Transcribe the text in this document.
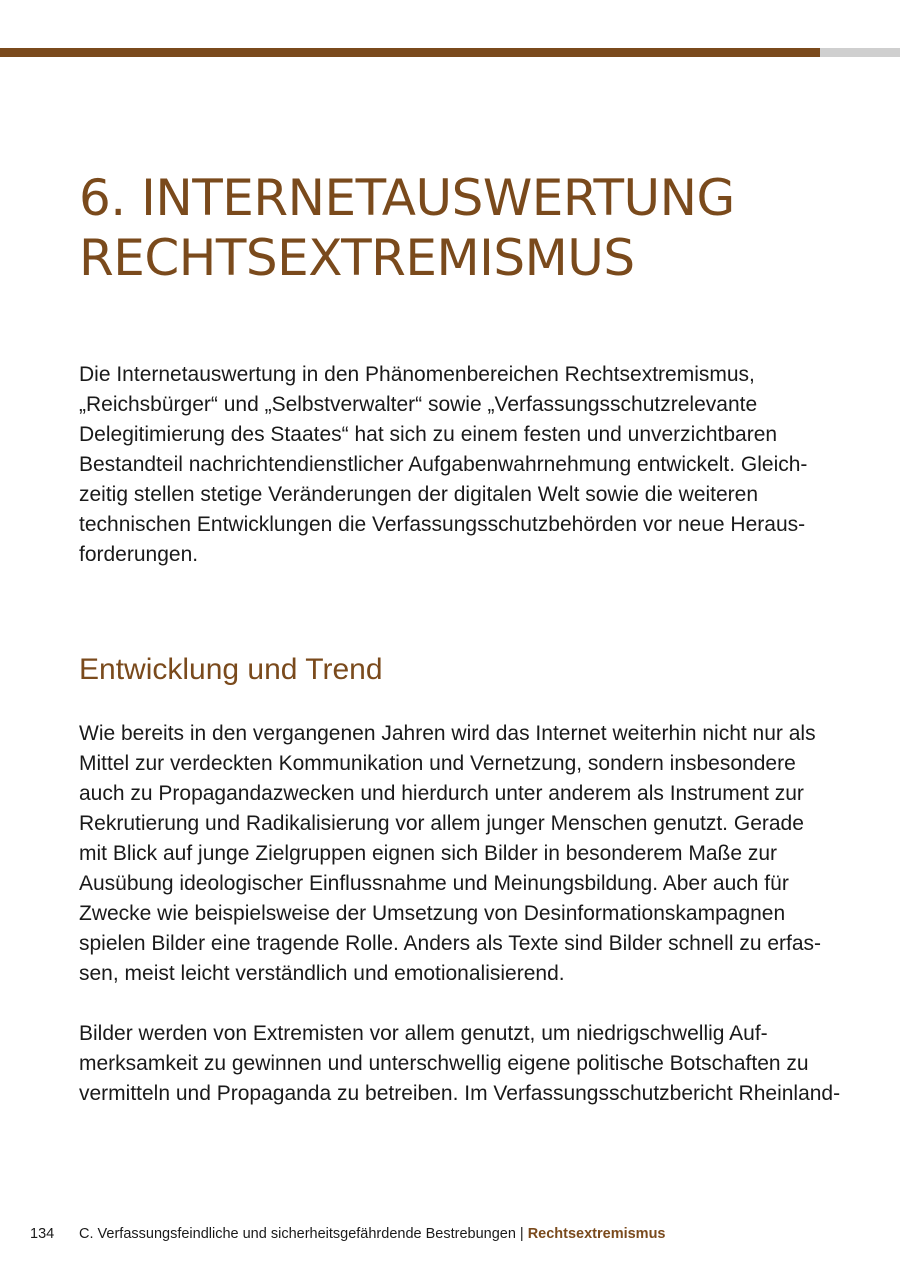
6. INTERNETAUSWERTUNG
RECHTSEXTREMISMUS

Die Internetauswertung in den Phänomenbereichen Rechtsextremismus,
„Reichsbürger“ und „Selbstverwalter“ sowie „Verfassungsschutzrelevante
Delegitimierung des Staates“ hat sich zu einem festen und unverzichtbaren
Bestandteil nachrichtendienstlicher Aufgabenwahrnehmung entwickelt. Gleich-
zeitig stellen stetige Veränderungen der digitalen Welt sowie die weiteren
technischen Entwicklungen die Verfassungsschutzbehörden vor neue Heraus-
forderungen.

Entwicklung und Trend

Wie bereits in den vergangenen Jahren wird das Internet weiterhin nicht nur als
Mittel zur verdeckten Kommunikation und Vernetzung, sondern insbesondere
auch zu Propagandazwecken und hierdurch unter anderem als Instrument zur
Rekrutierung und Radikalisierung vor allem junger Menschen genutzt. Gerade
mit Blick auf junge Zielgruppen eignen sich Bilder in besonderem Maße zur
Ausübung ideologischer Einflussnahme und Meinungsbildung. Aber auch für
Zwecke wie beispielsweise der Umsetzung von Desinformationskampagnen
spielen Bilder eine tragende Rolle. Anders als Texte sind Bilder schnell zu erfas-
sen, meist leicht verständlich und emotionalisierend.

Bilder werden von Extremisten vor allem genutzt, um niedrigschwellig Auf-
merksamkeit zu gewinnen und unterschwellig eigene politische Botschaften zu
vermitteln und Propaganda zu betreiben. Im Verfassungsschutzbericht Rheinland-

134 C. Verfassungsfeindliche und sicherheitsgefährdende Bestrebungen | Rechtsextremismus
